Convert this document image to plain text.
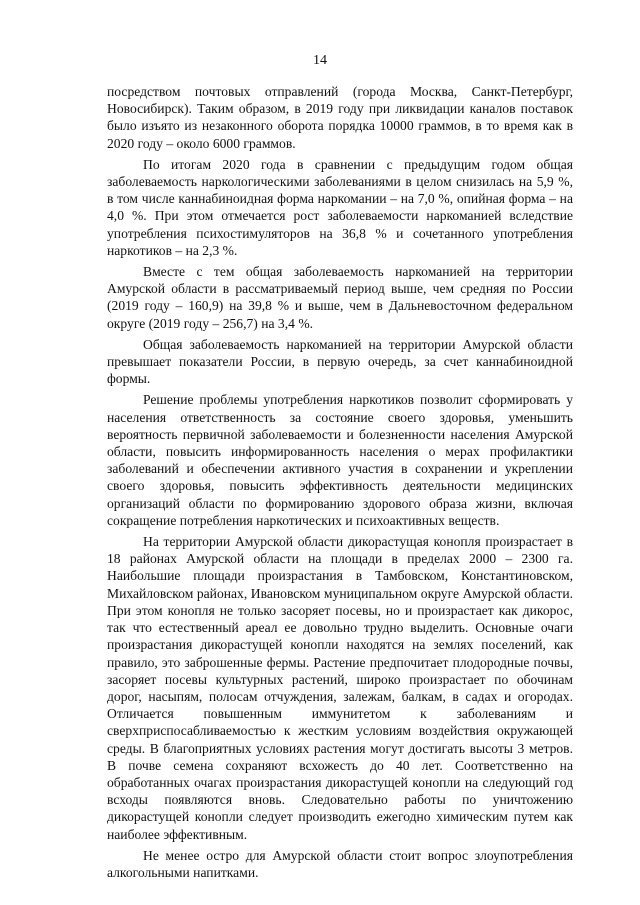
14

посредством почтовых отправлений (города Москва, Санкт-Петербург, Новосибирск). Таким образом, в 2019 году при ликвидации каналов поставок было изъято из незаконного оборота порядка 10000 граммов, в то время как в 2020 году – около 6000 граммов.

По итогам 2020 года в сравнении с предыдущим годом общая заболеваемость наркологическими заболеваниями в целом снизилась на 5,9 %, в том числе каннабиноидная форма наркомании – на 7,0 %, опийная форма – на 4,0 %. При этом отмечается рост заболеваемости наркоманией вследствие употребления психостимуляторов на 36,8 % и сочетанного употребления наркотиков – на 2,3 %.

Вместе с тем общая заболеваемость наркоманией на территории Амурской области в рассматриваемый период выше, чем средняя по России (2019 году – 160,9) на 39,8 % и выше, чем в Дальневосточном федеральном округе (2019 году – 256,7) на 3,4 %.

Общая заболеваемость наркоманией на территории Амурской области превышает показатели России, в первую очередь, за счет каннабиноидной формы.

Решение проблемы употребления наркотиков позволит сформировать у населения ответственность за состояние своего здоровья, уменьшить вероятность первичной заболеваемости и болезненности населения Амурской области, повысить информированность населения о мерах профилактики заболеваний и обеспечении активного участия в сохранении и укреплении своего здоровья, повысить эффективность деятельности медицинских организаций области по формированию здорового образа жизни, включая сокращение потребления наркотических и психоактивных веществ.

На территории Амурской области дикорастущая конопля произрастает в 18 районах Амурской области на площади в пределах 2000 – 2300 га. Наибольшие площади произрастания в Тамбовском, Константиновском, Михайловском районах, Ивановском муниципальном округе Амурской области. При этом конопля не только засоряет посевы, но и произрастает как дикорос, так что естественный ареал ее довольно трудно выделить. Основные очаги произрастания дикорастущей конопли находятся на землях поселений, как правило, это заброшенные фермы. Растение предпочитает плодородные почвы, засоряет посевы культурных растений, широко произрастает по обочинам дорог, насыпям, полосам отчуждения, залежам, балкам, в садах и огородах. Отличается повышенным иммунитетом к заболеваниям и сверхприспосабливаемостью к жестким условиям воздействия окружающей среды. В благоприятных условиях растения могут достигать высоты 3 метров. В почве семена сохраняют всхожесть до 40 лет. Соответственно на обработанных очагах произрастания дикорастущей конопли на следующий год всходы появляются вновь. Следовательно работы по уничтожению дикорастущей конопли следует производить ежегодно химическим путем как наиболее эффективным.

Не менее остро для Амурской области стоит вопрос злоупотребления алкогольными напитками.
